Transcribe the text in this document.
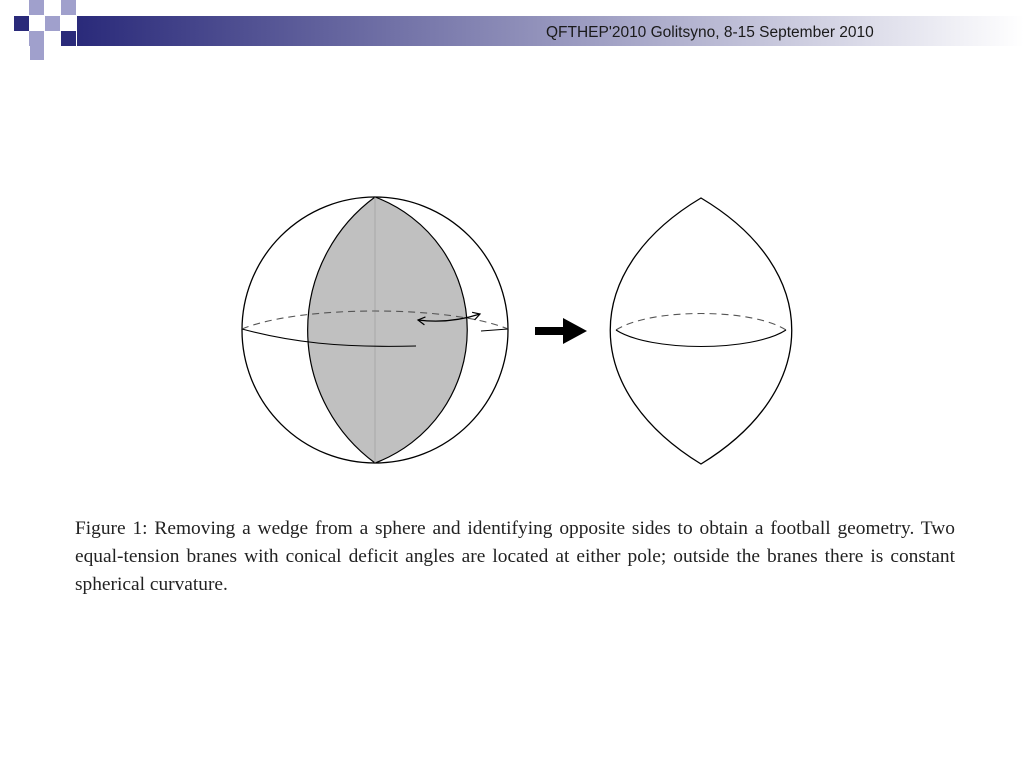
QFTHEP'2010 Golitsyno, 8-15 September 2010

Figure 1: Removing a wedge from a sphere and identifying opposite sides to obtain a football geometry. Two equal-tension branes with conical deficit angles are located at either pole; outside the branes there is constant spherical curvature.
